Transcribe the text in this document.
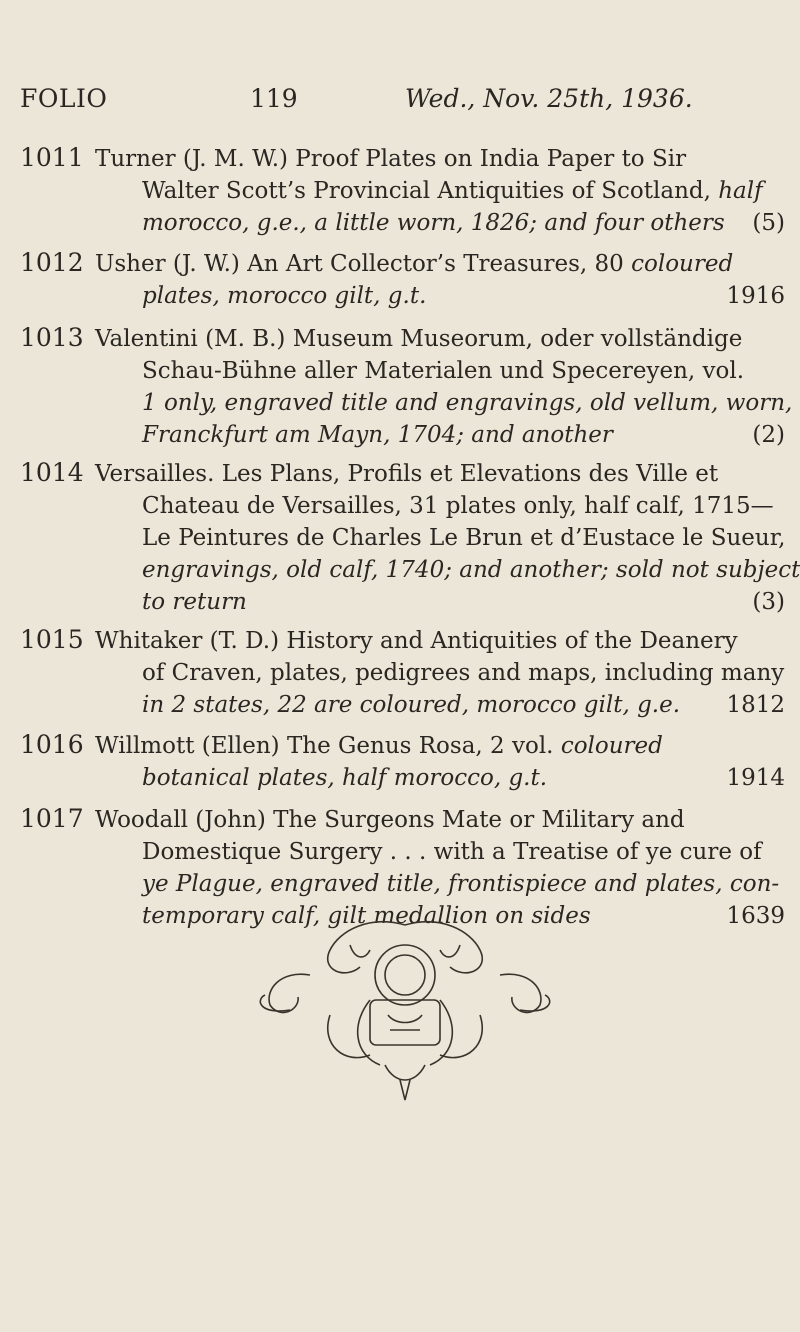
FOLIO	119	Wed., Nov. 25th, 1936.
1011 Turner (J. M. W.) Proof Plates on India Paper to Sir
Walter Scott’s Provincial Antiquities of Scotland, half
morocco, g.e., a little worn, 1826; and four others (5)
1012 Usher (J. W.) An Art Collector’s Treasures, 80 coloured
plates, morocco gilt, g.t.	1916
1013 Valentini (M. B.) Museum Museorum, oder vollständige
Schau-Bühne aller Materialen und Specereyen, vol.
1 only, engraved title and engravings, old vellum, worn,
Franckfurt am Mayn, 1704; and another	(2)
1014 Versailles. Les Plans, Profils et Elevations des Ville et
Chateau de Versailles, 31 plates only, half calf, 1715—
Le Peintures de Charles Le Brun et d’Eustace le Sueur,
engravings, old calf, 1740; and another; sold not subject
to return	(3)
1015 Whitaker (T. D.) History and Antiquities of the Deanery
of Craven, plates, pedigrees and maps, including many
in 2 states, 22 are coloured, morocco gilt, g.e. 1812
1016 Willmott (Ellen) The Genus Rosa, 2 vol. coloured
botanical plates, half morocco, g.t.	1914
1017 Woodall (John) The Surgeons Mate or Military and
Domestique Surgery . . . with a Treatise of ye cure of
ye Plague, engraved title, frontispiece and plates, con-
temporary calf, gilt medallion on sides	1639
